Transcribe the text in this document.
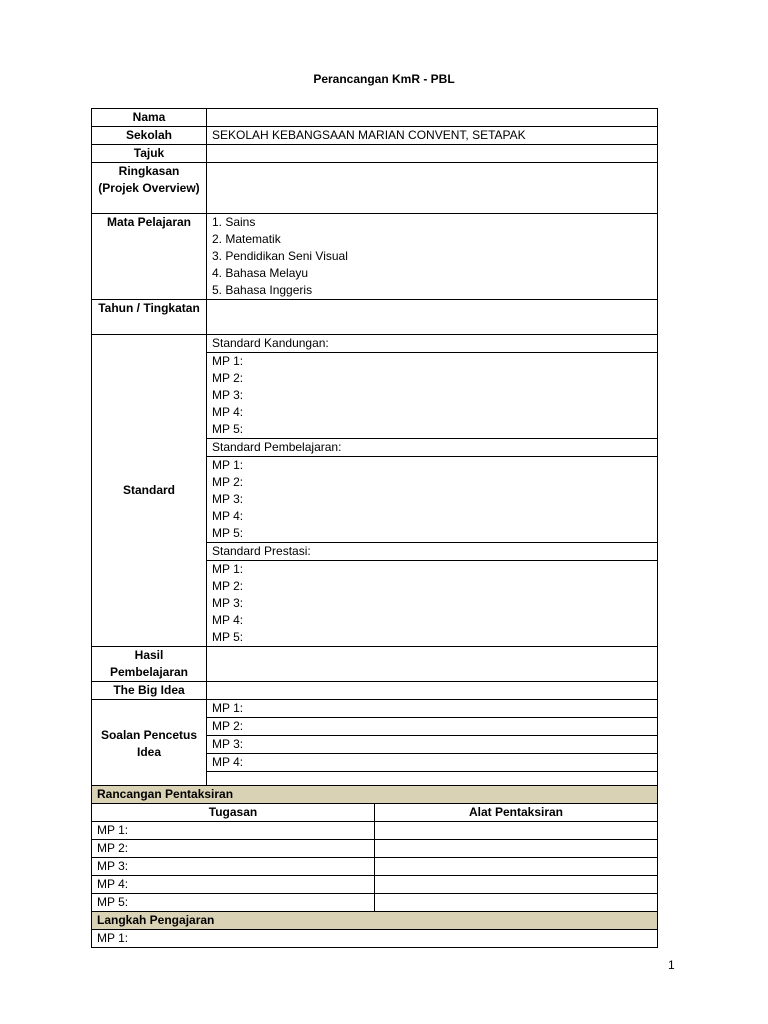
Perancangan KmR - PBL
Nama	
Sekolah	SEKOLAH KEBANGSAAN MARIAN CONVENT, SETAPAK
Tajuk	
Ringkasan (Projek Overview)	
Mata Pelajaran	1. Sains
2. Matematik
3. Pendidikan Seni Visual
4. Bahasa Melayu
5. Bahasa Inggeris

Tahun / Tingkatan	
Standard	Standard Kandungan:

	MP 1:
MP 2:
MP 3:
MP 4:
MP 5:

	Standard Pembelajaran:

	MP 1:
MP 2:
MP 3:
MP 4:
MP 5:

	Standard Prestasi:

	MP 1:
MP 2:
MP 3:
MP 4:
MP 5:

Hasil Pembelajaran	
The Big Idea	
Soalan Pencetus Idea	MP 1:
	MP 2:
	MP 3:
	MP 4:

Rancangan Pentaksiran	
Tugasan	Alat Pentaksiran
MP 1:	
MP 2:	
MP 3:	
MP 4:	
MP 5:	
Langkah Pengajaran	
MP 1:	
1
